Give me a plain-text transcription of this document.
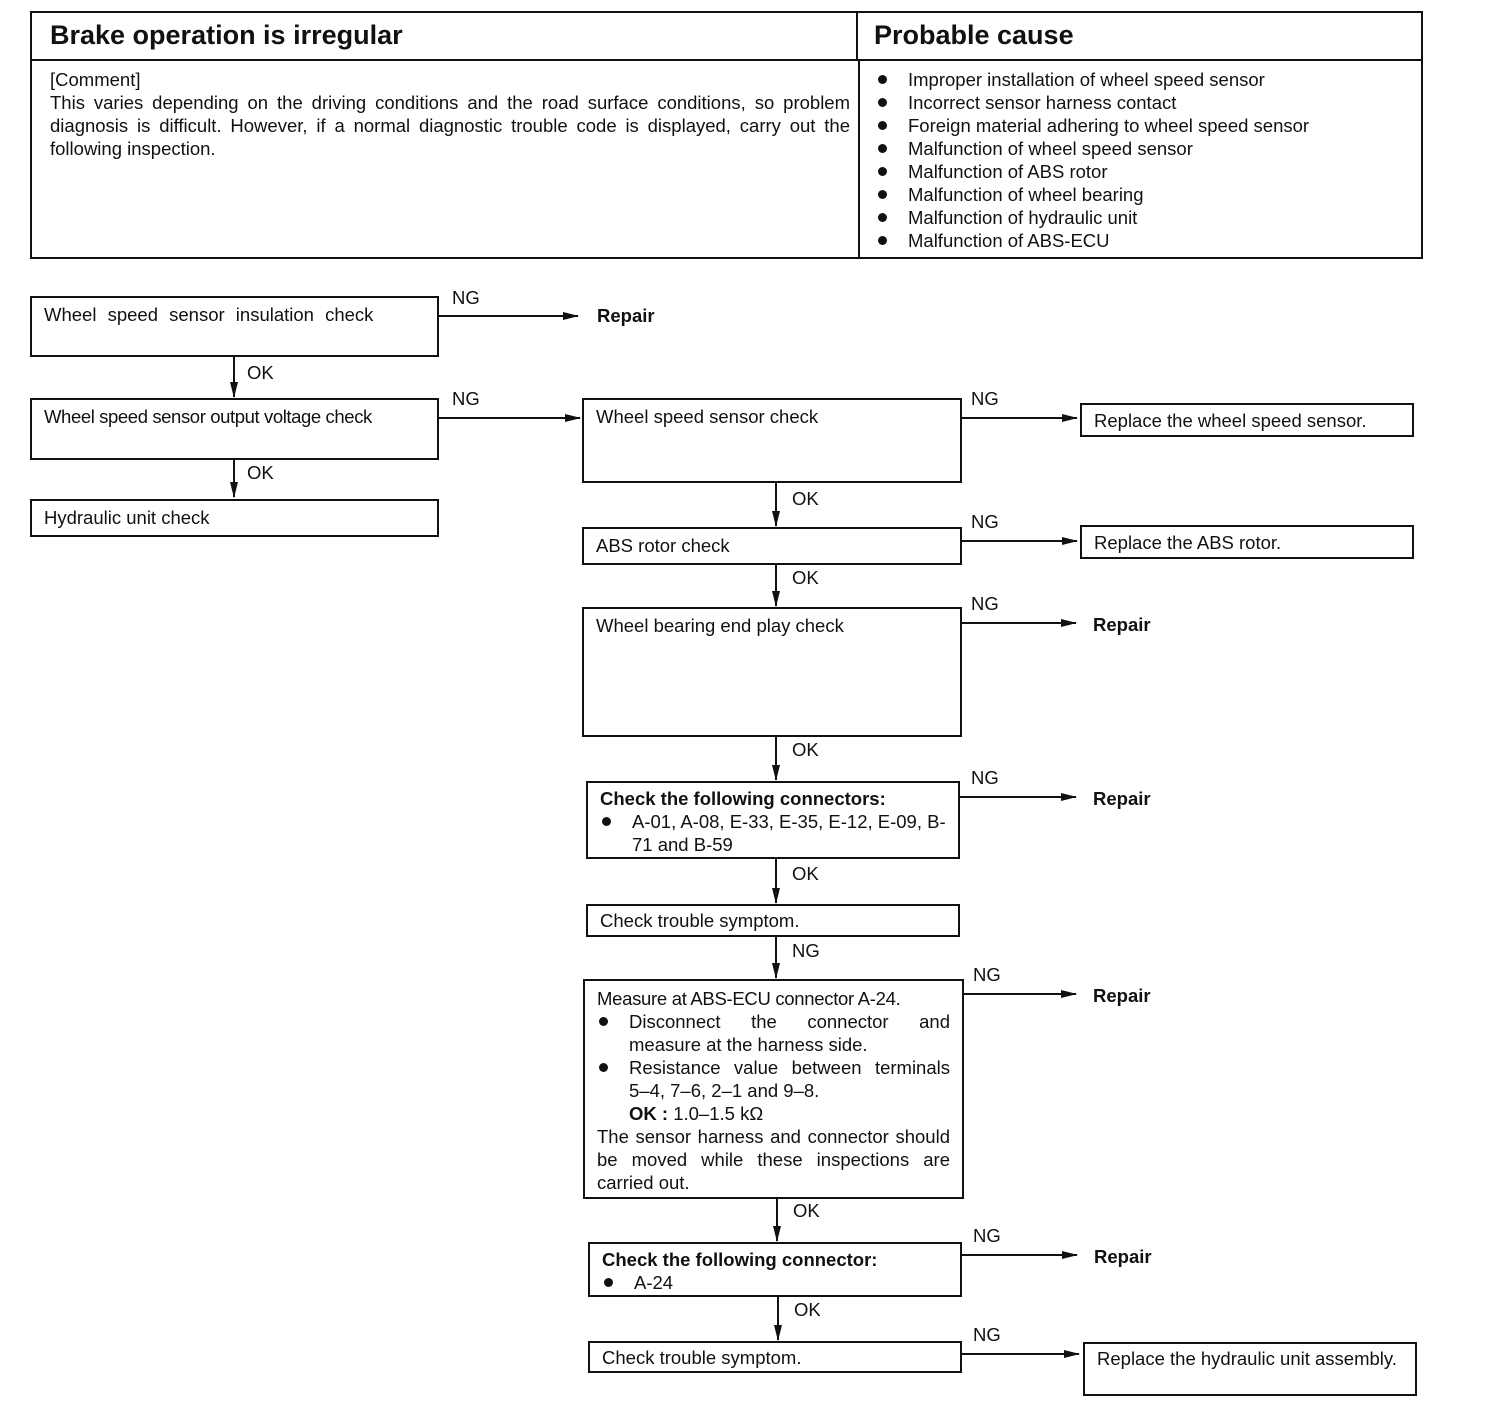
Brake operation is irregular	Probable cause
[Comment]
This varies depending on the driving conditions and the road surface conditions, so problem diagnosis is difficult. However, if a normal diagnostic trouble code is displayed, carry out the following inspection.
Improper installation of wheel speed sensor
Incorrect sensor harness contact
Foreign material adhering to wheel speed sensor
Malfunction of wheel speed sensor
Malfunction of ABS rotor
Malfunction of wheel bearing
Malfunction of hydraulic unit
Malfunction of ABS-ECU
Wheel speed sensor insulation check
Wheel speed sensor output voltage check
Hydraulic unit check
Wheel speed sensor check
ABS rotor check
Wheel bearing end play check
Check the following connectors:
A-01, A-08, E-33, E-35, E-12, E-09, B-71 and B-59
Check trouble symptom.
Measure at ABS-ECU connector A-24.
Disconnect the connector and measure at the harness side.
Resistance value between terminals 5–4, 7–6, 2–1 and 9–8.
OK : 1.0–1.5 kΩ
The sensor harness and connector should be moved while these inspections are carried out.
Check the following connector:
A-24
Check trouble symptom.
Replace the wheel speed sensor.
Replace the ABS rotor.
Replace the hydraulic unit assembly.
Repair
Repair
Repair
Repair
Repair
NG
NG	NG
NG
NG
NG
NG
NG
NG
NG
OK
OK
OK
OK
OK
OK
OK
OK
